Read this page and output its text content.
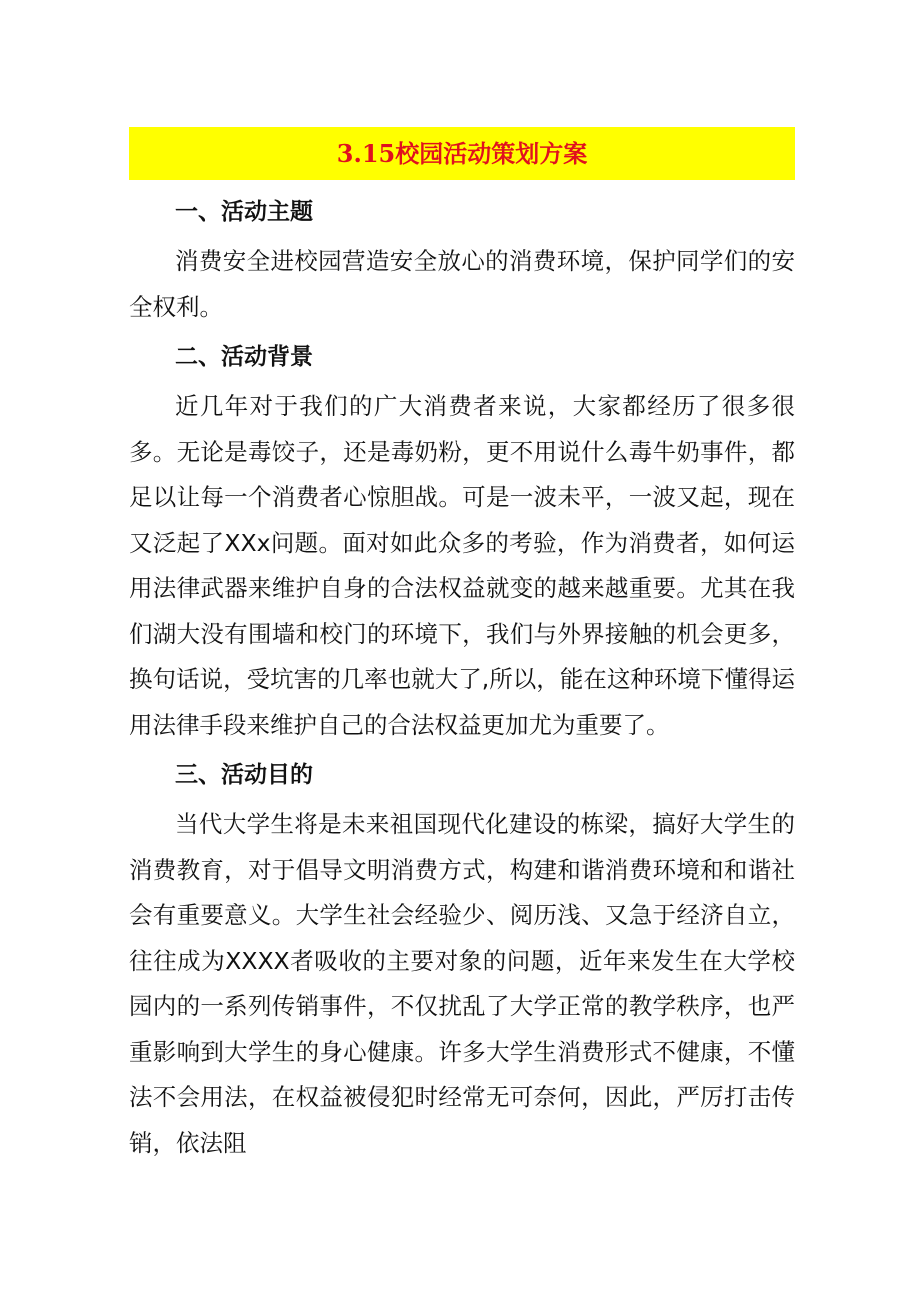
3.15校园活动策划方案
一、活动主题

消费安全进校园营造安全放心的消费环境，保护同学们的安全权利。

二、活动背景

近几年对于我们的广大消费者来说，大家都经历了很多很多。无论是毒饺子，还是毒奶粉，更不用说什么毒牛奶事件，都足以让每一个消费者心惊胆战。可是一波未平，一波又起，现在又泛起了XXx问题。面对如此众多的考验，作为消费者，如何运用法律武器来维护自身的合法权益就变的越来越重要。尤其在我们湖大没有围墙和校门的环境下，我们与外界接触的机会更多，换句话说，受坑害的几率也就大了,所以，能在这种环境下懂得运用法律手段来维护自己的合法权益更加尤为重要了。

三、活动目的

当代大学生将是未来祖国现代化建设的栋梁，搞好大学生的消费教育，对于倡导文明消费方式，构建和谐消费环境和和谐社会有重要意义。大学生社会经验少、阅历浅、又急于经济自立，往往成为XXXX者吸收的主要对象的问题，近年来发生在大学校园内的一系列传销事件，不仅扰乱了大学正常的教学秩序，也严重影响到大学生的身心健康。许多大学生消费形式不健康，不懂法不会用法，在权益被侵犯时经常无可奈何，因此，严厉打击传销，依法阻
